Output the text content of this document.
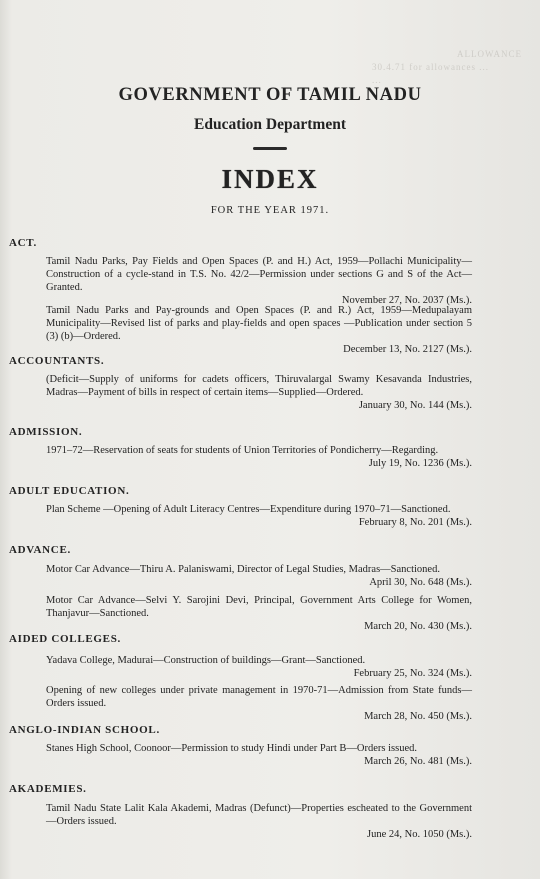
ALLOWANCE
30.4.71 for allowances ...
...
GOVERNMENT OF TAMIL NADU
Education Department
INDEX
FOR THE YEAR 1971.
ACT.
Tamil Nadu Parks, Pay Fields and Open Spaces (P. and H.) Act, 1959—Pollachi Municipality—Construction of a cycle-stand in T.S. No. 42/2—Permission under sections G and S of the Act—Granted.
November 27, No. 2037 (Ms.).
Tamil Nadu Parks and Pay-grounds and Open Spaces (P. and R.) Act, 1959—Medupalayam Municipality—Revised list of parks and play-fields and open spaces —Publication under section 5 (3) (b)—Ordered.
December 13, No. 2127 (Ms.).
ACCOUNTANTS.
(Deficit—Supply of uniforms for cadets officers, Thiruvalargal Swamy Kesavanda Industries, Madras—Payment of bills in respect of certain items—Supplied—Ordered.
January 30, No. 144 (Ms.).
ADMISSION.
1971–72—Reservation of seats for students of Union Territories of Pondicherry—Regarding.
July 19, No. 1236 (Ms.).
ADULT EDUCATION.
Plan Scheme —Opening of Adult Literacy Centres—Expenditure during 1970–71—Sanctioned.
February 8, No. 201 (Ms.).
ADVANCE.
Motor Car Advance—Thiru A. Palaniswami, Director of Legal Studies, Madras—Sanctioned.
April 30, No. 648 (Ms.).
Motor Car Advance—Selvi Y. Sarojini Devi, Principal, Government Arts College for Women, Thanjavur—Sanctioned.
March 20, No. 430 (Ms.).
AIDED COLLEGES.
Yadava College, Madurai—Construction of buildings—Grant—Sanctioned.
February 25, No. 324 (Ms.).
Opening of new colleges under private management in 1970-71—Admission from State funds—Orders issued.
March 28, No. 450 (Ms.).
ANGLO-INDIAN SCHOOL.
Stanes High School, Coonoor—Permission to study Hindi under Part B—Orders issued.
March 26, No. 481 (Ms.).
AKADEMIES.
Tamil Nadu State Lalit Kala Akademi, Madras (Defunct)—Properties escheated to the Government—Orders issued.
June 24, No. 1050 (Ms.).
